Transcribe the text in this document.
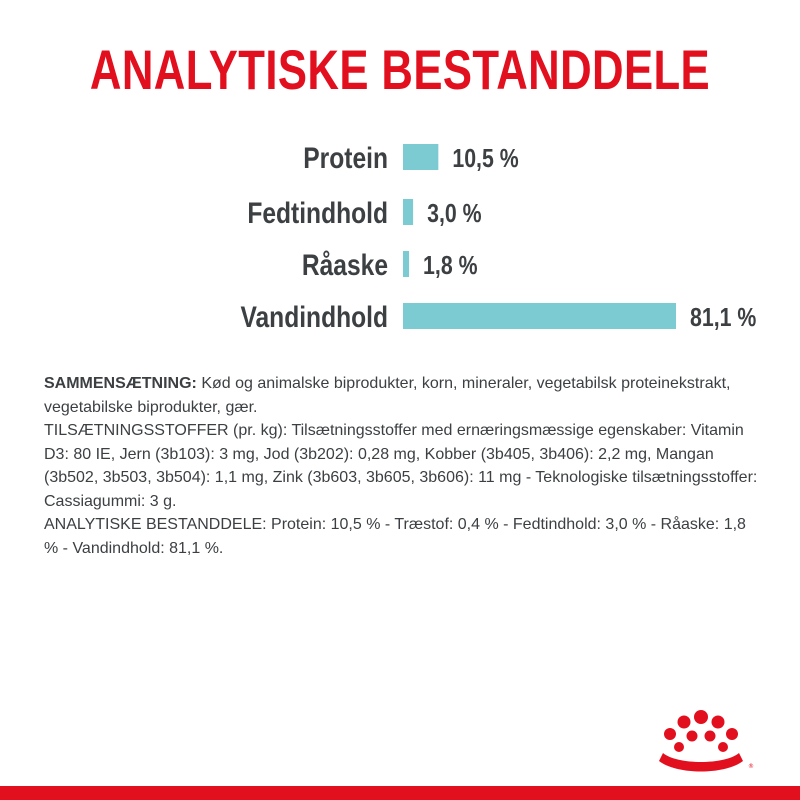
ANALYTISKE BESTANDDELE
Protein 10,5 %
Fedtindhold 3,0 %
Råaske 1,8 %
Vandindhold	81,1 %

SAMMENSÆTNING: Kød og animalske biprodukter, korn, mineraler, vegetabilsk proteinekstrakt, vegetabilske biprodukter, gær.

TILSÆTNINGSSTOFFER (pr. kg): Tilsætningsstoffer med ernæringsmæssige egenskaber: Vitamin D3: 80 IE, Jern (3b103): 3 mg, Jod (3b202): 0,28 mg, Kobber (3b405, 3b406): 2,2 mg, Mangan (3b502, 3b503, 3b504): 1,1 mg, Zink (3b603, 3b605, 3b606): 11 mg - Teknologiske tilsætningsstoffer: Cassiagummi: 3 g.

ANALYTISKE BESTANDDELE: Protein: 10,5 % - Træstof: 0,4 % - Fedtindhold: 3,0 % - Råaske: 1,8 % - Vandindhold: 81,1 %.

®
